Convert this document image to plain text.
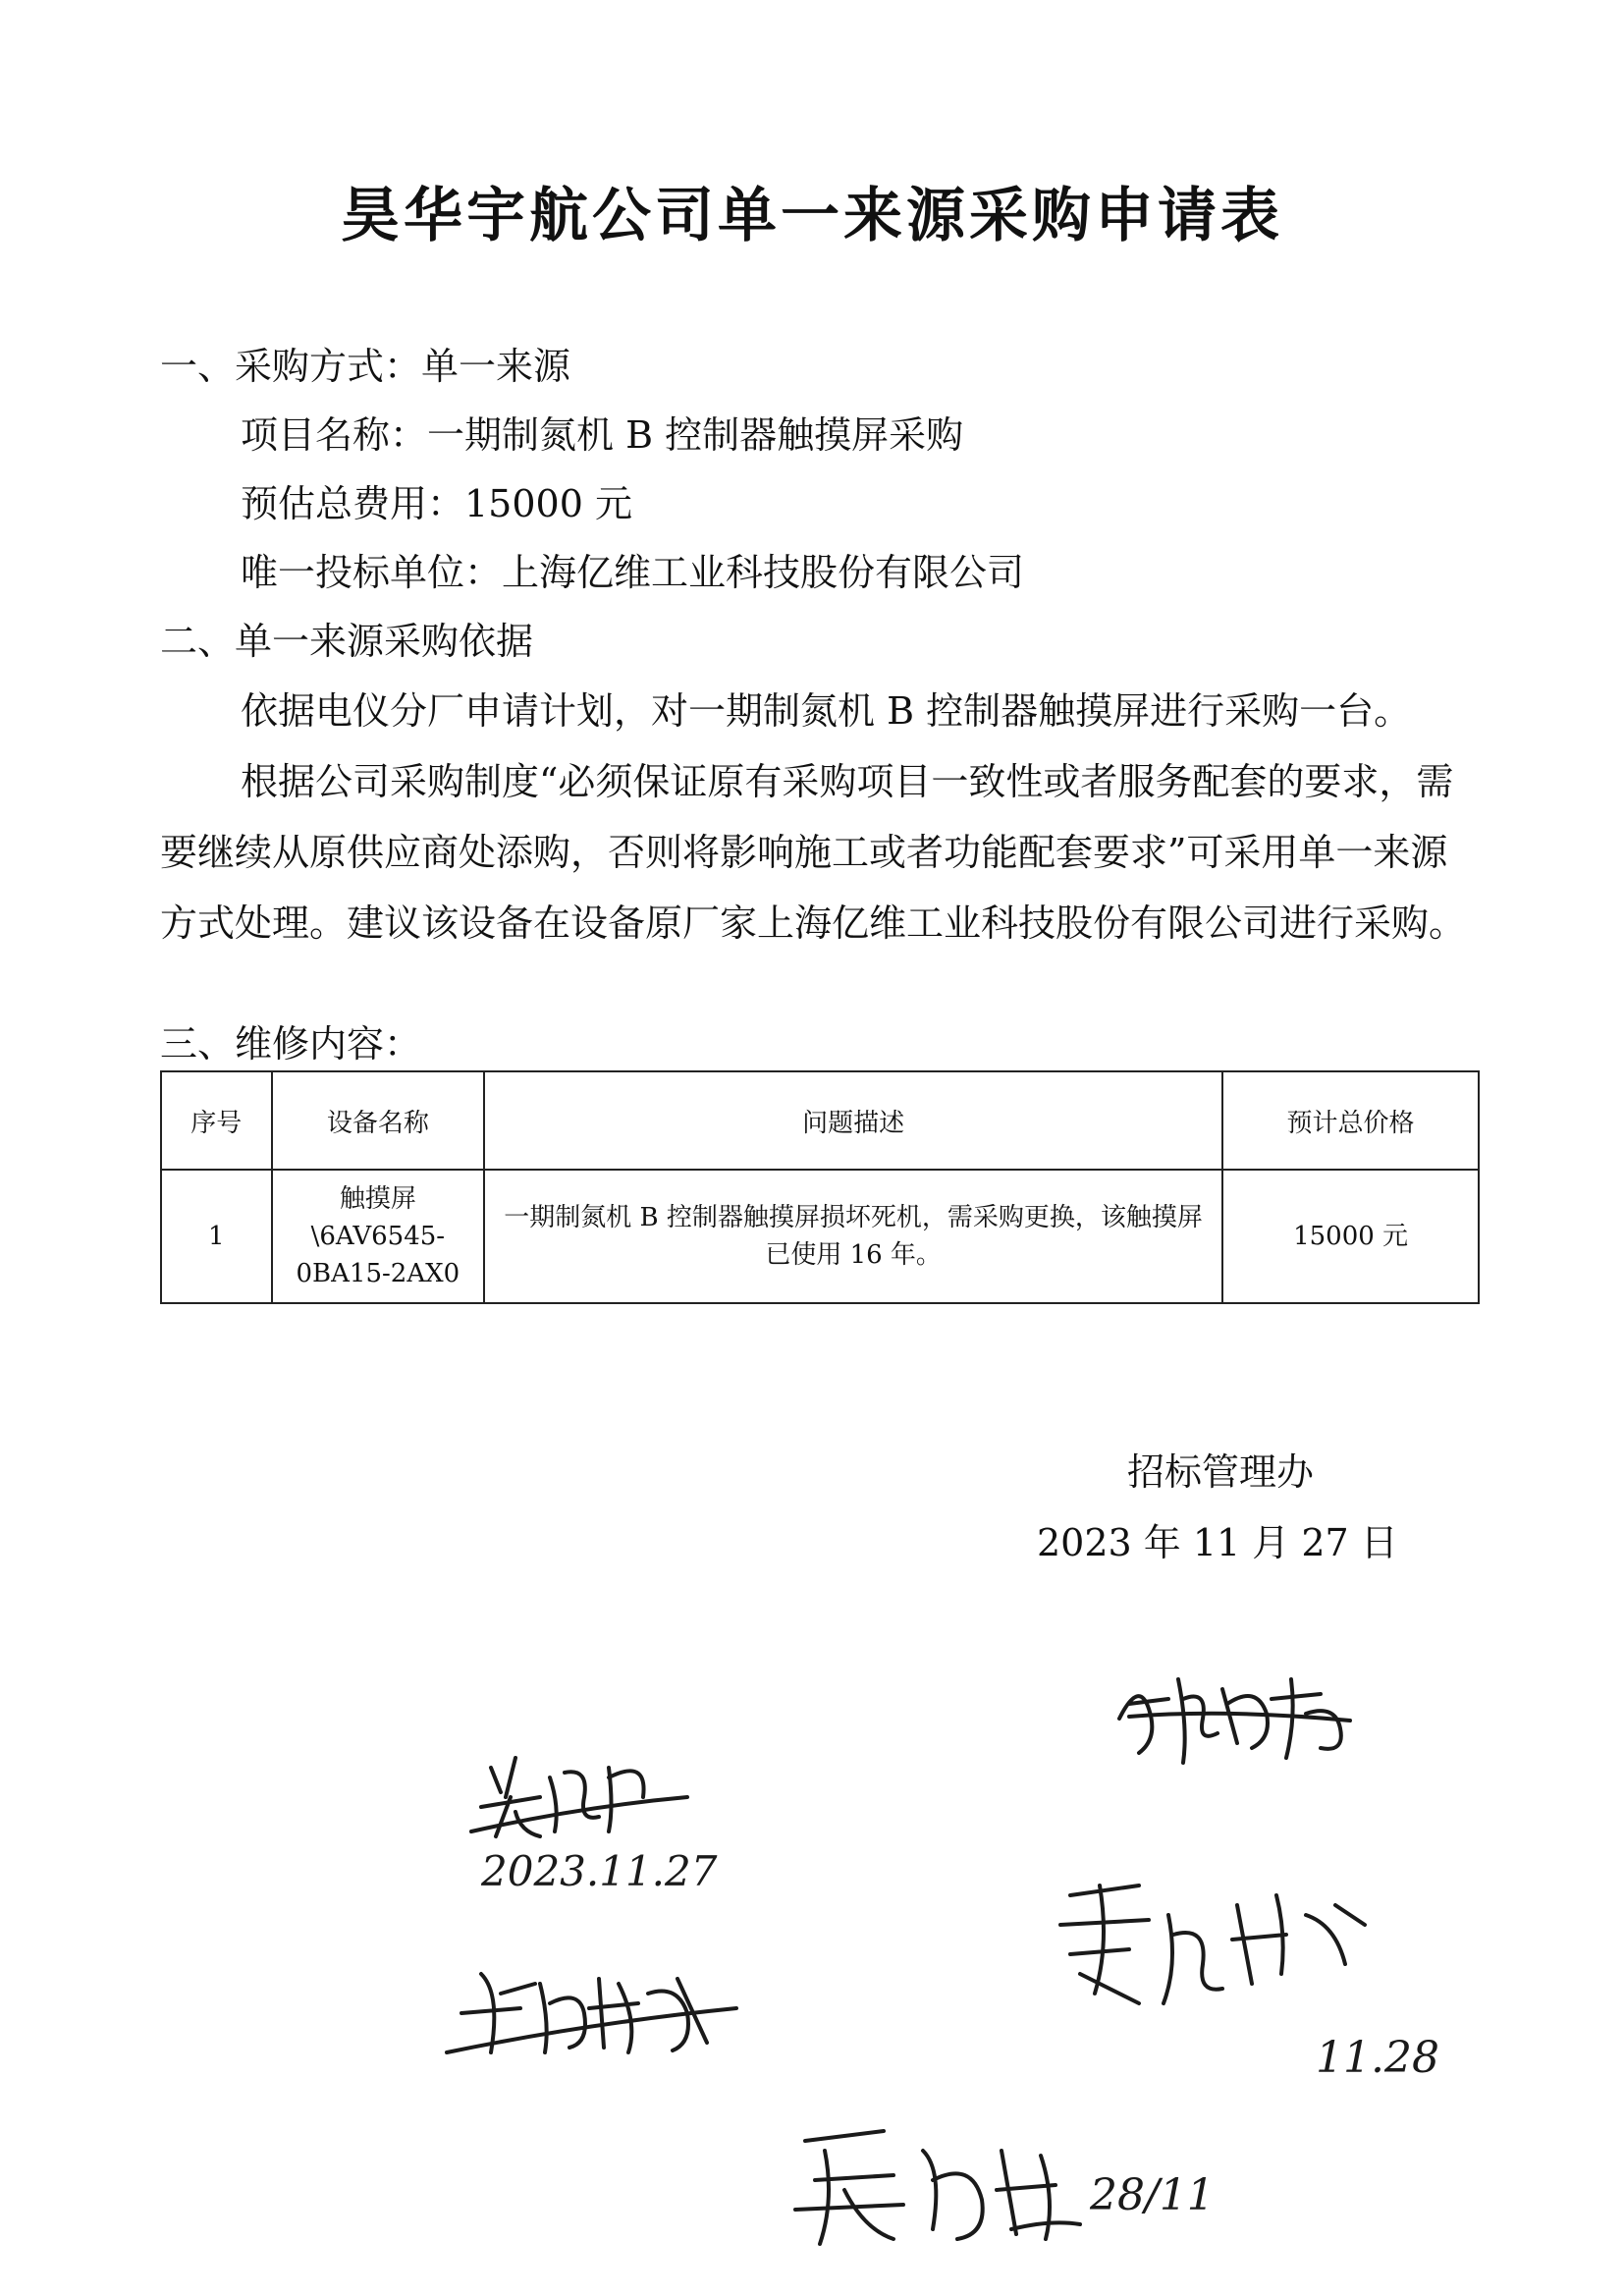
昊华宇航公司单一来源采购申请表
一、采购方式：单一来源
项目名称：一期制氮机 B 控制器触摸屏采购
预估总费用：15000 元
唯一投标单位：上海亿维工业科技股份有限公司
二、单一来源采购依据
依据电仪分厂申请计划，对一期制氮机 B 控制器触摸屏进行采购一台。
根据公司采购制度“必须保证原有采购项目一致性或者服务配套的要求，需要继续从原供应商处添购，否则将影响施工或者功能配套要求”可采用单一来源方式处理。建议该设备在设备原厂家上海亿维工业科技股份有限公司进行采购。
三、维修内容：
序号	设备名称	问题描述	预计总价格
1	触摸屏
\6AV6545-
0BA15-2AX0	一期制氮机 B 控制器触摸屏损坏死机，需采购更换，该触摸屏已使用 16 年。	15000 元
招标管理办
2023 年 11 月 27 日
2023.11.27
11.28
28/11
